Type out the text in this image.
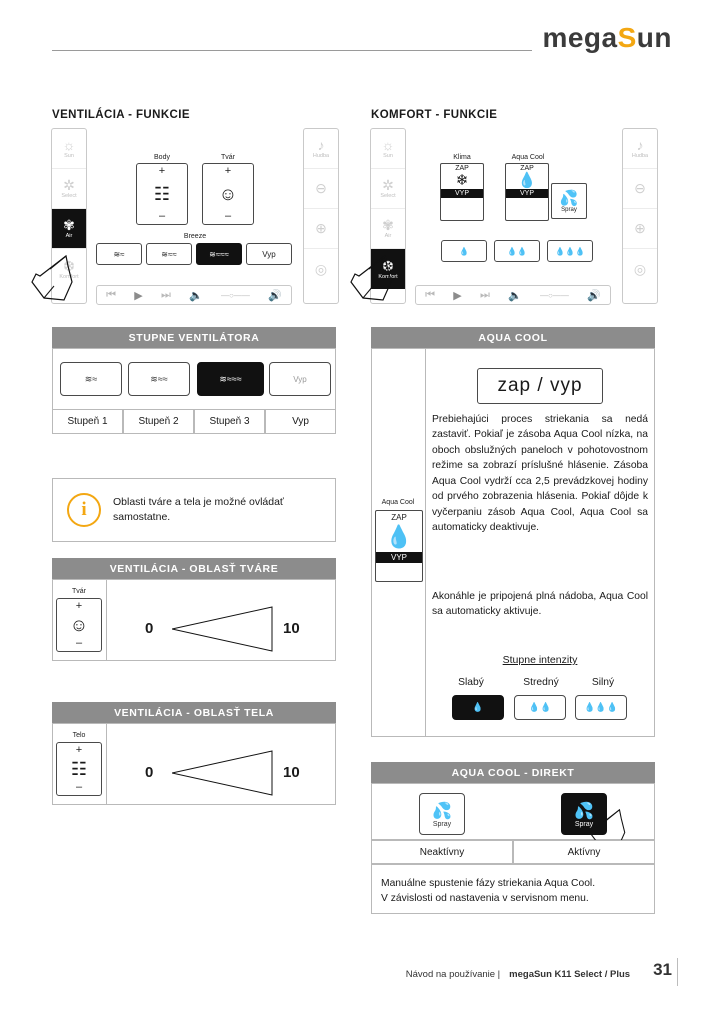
megaSun
VENTILÁCIA - FUNKCIE	KOMFORT - FUNKCIE
☼
Sun
✲
Select
✾
Air
❆
Komfort
Body
+
☷
–
Tvár
+
☺
–
Breeze
≋≈	≋≈≈	≋≈≈≈	Vyp
⏮ ▶ ⏭ 🔈 —○—— 🔊
♪
Hudba
⊖
⊕
◎
☼
Sun
✲
Select
✾
Air
❆
Komfort
Klima
ZAP
❄
VYP
Aqua Cool
ZAP
💧
VYP	💦
Spray
💧	💧💧	💧💧💧
⏮ ▶ ⏭ 🔈 —○—— 🔊
♪
Hudba
⊖
⊕
◎
STUPNE VENTILÁTORA
≋≈	≋≈≈	≋≈≈≈	Vyp
Stupeň 1	Stupeň 2	Stupeň 3	Vyp
i	Oblasti tváre a tela je možné ovládať samostatne.
VENTILÁCIA - OBLASŤ TVÁRE
Tvár
+
☺
–
0	10
VENTILÁCIA - OBLASŤ TELA
Telo
+
☷
–
0	10
AQUA COOL
zap / vyp
Prebiehajúci proces striekania sa nedá zastaviť. Pokiaľ je zásoba Aqua Cool nízka, na oboch obslužných paneloch v pohotovostnom režime sa zobrazí príslušné hlásenie. Zásoba Aqua Cool vydrží cca 2,5 prevádzkovej hodiny od prvého zobrazenia hlásenia. Pokiaľ dôjde k vyčerpaniu zásob Aqua Cool, Aqua Cool sa automaticky deaktivuje.
Akonáhle je pripojená plná nádoba, Aqua Cool sa automaticky aktivuje.
Aqua Cool
ZAP
💧
VYP
Stupne intenzity
Slabý	Stredný	Silný
💧	💧💧	💧💧💧
AQUA COOL - DIREKT
💦
Spray
💦
Spray
Neaktívny	Aktívny
Manuálne spustenie fázy striekania Aqua Cool.
V závislosti od nastavenia v servisnom menu.
Návod na používanie | megaSun K11 Select / Plus 31
